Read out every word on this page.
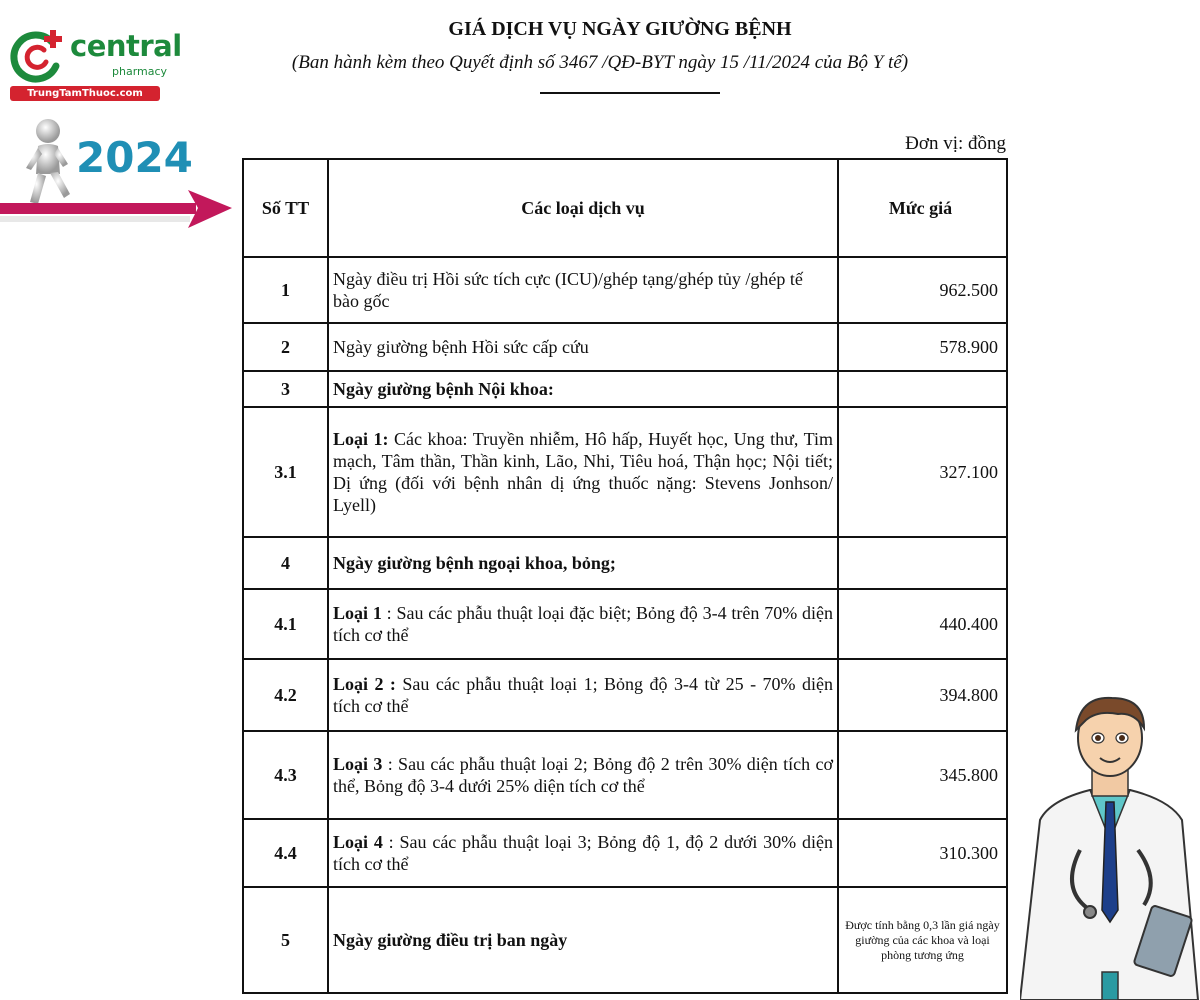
central
pharmacy
TrungTamThuoc.com
2024
GIÁ DỊCH VỤ NGÀY GIƯỜNG BỆNH
(Ban hành kèm theo Quyết định số 3467 /QĐ-BYT ngày 15 /11/2024 của Bộ Y tế)
Đơn vị: đồng
Số TT	Các loại dịch vụ	Mức giá
1	Ngày điều trị Hồi sức tích cực (ICU)/ghép tạng/ghép tủy /ghép tế bào gốc	962.500
2	Ngày giường bệnh Hồi sức cấp cứu	578.900
3	Ngày giường bệnh Nội khoa:	
3.1	Loại 1: Các khoa: Truyền nhiễm, Hô hấp, Huyết học, Ung thư, Tim mạch, Tâm thần, Thần kinh, Lão, Nhi, Tiêu hoá, Thận học; Nội tiết; Dị ứng (đối với bệnh nhân dị ứng thuốc nặng: Stevens Jonhson/ Lyell)	327.100
4	Ngày giường bệnh ngoại khoa, bỏng;	
4.1	Loại 1 : Sau các phẫu thuật loại đặc biệt; Bỏng độ 3-4 trên 70% diện tích cơ thể	440.400
4.2	Loại 2 : Sau các phẫu thuật loại 1; Bỏng độ 3-4 từ 25 - 70% diện tích cơ thể	394.800
4.3	Loại 3 : Sau các phẫu thuật loại 2; Bỏng độ 2 trên 30% diện tích cơ thể, Bỏng độ 3-4 dưới 25% diện tích cơ thể	345.800
4.4	Loại 4 : Sau các phẫu thuật loại 3; Bỏng độ 1, độ 2 dưới 30% diện tích cơ thể	310.300
5	Ngày giường điều trị ban ngày	Được tính bằng 0,3 lần giá ngày giường của các khoa và loại phòng tương ứng
